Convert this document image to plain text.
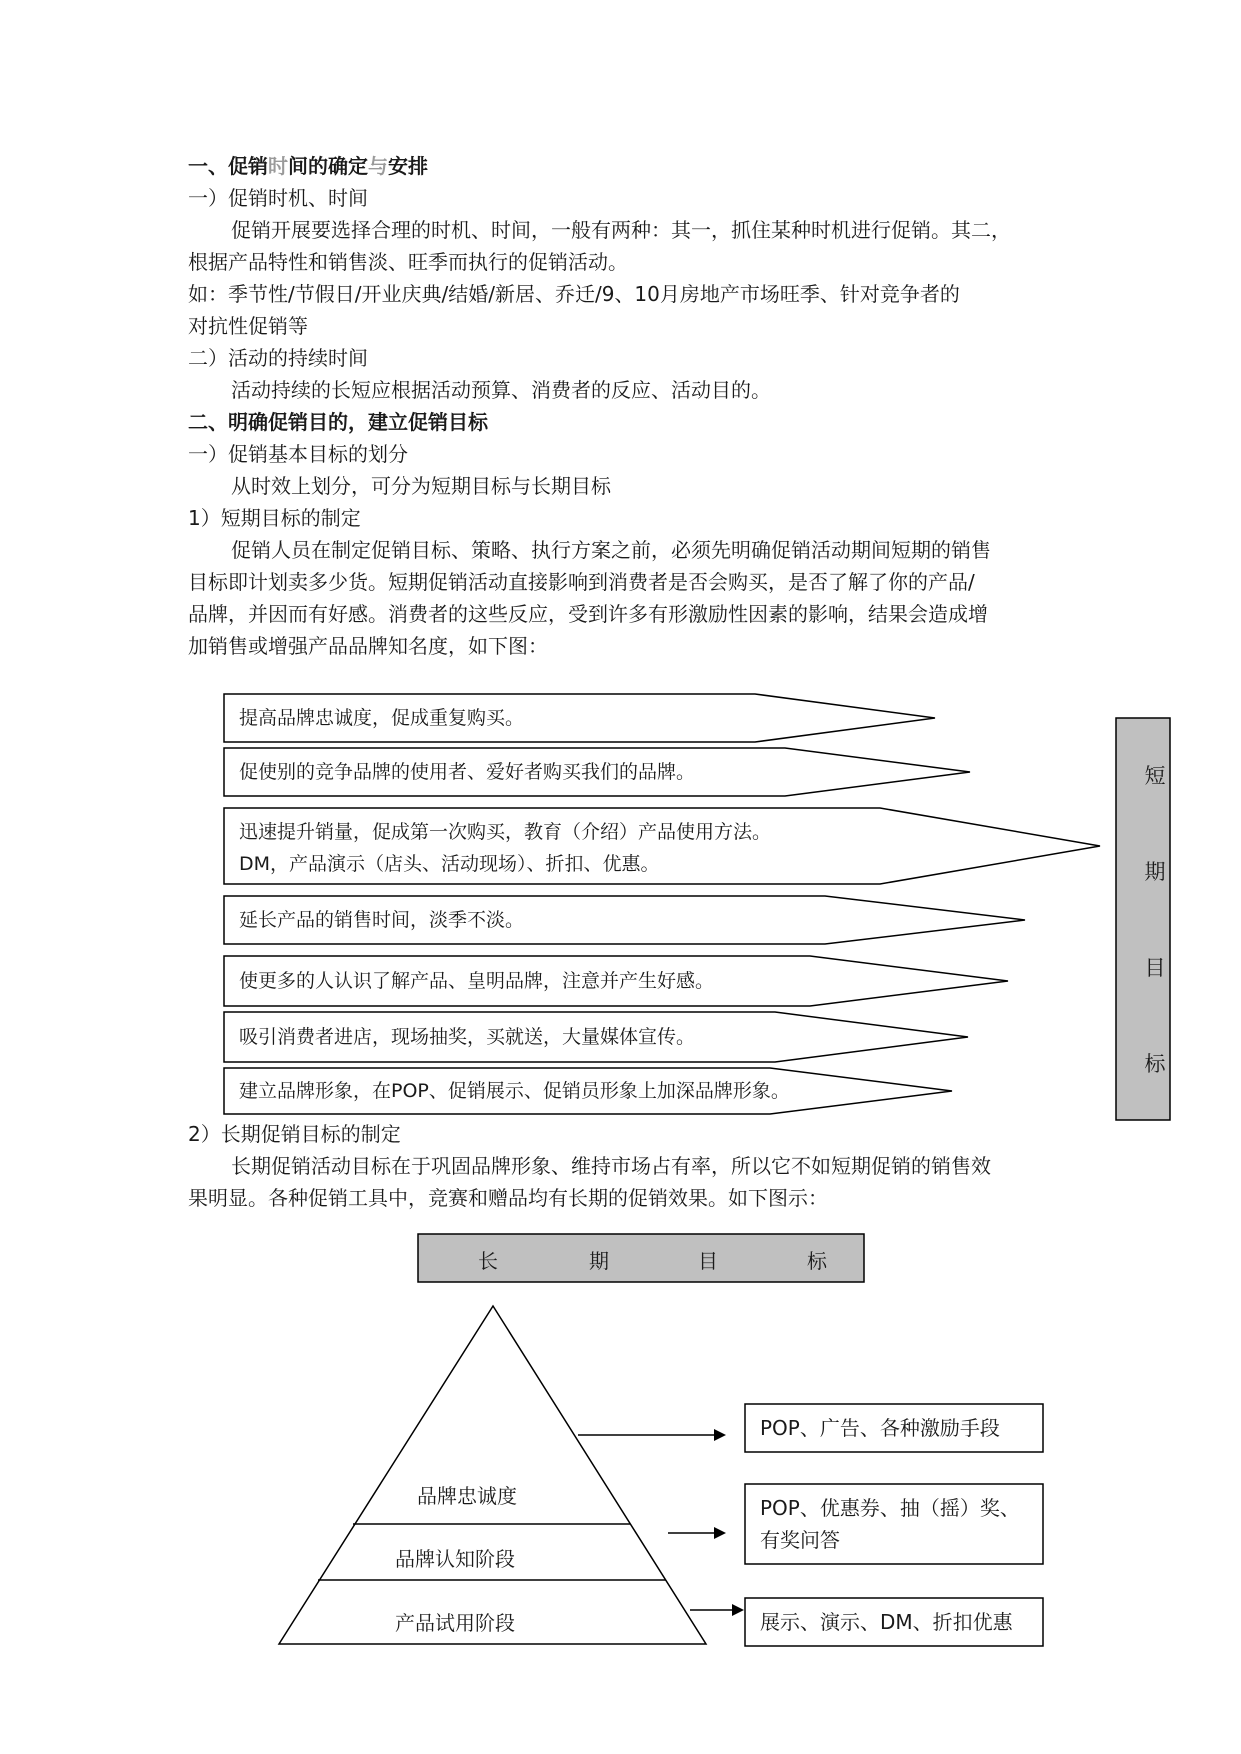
一、促销时间的确定与安排
一）促销时机、时间
促销开展要选择合理的时机、时间，一般有两种：其一，抓住某种时机进行促销。其二，
根据产品特性和销售淡、旺季而执行的促销活动。
如：季节性/节假日/开业庆典/结婚/新居、乔迁/9、10月房地产市场旺季、针对竞争者的
对抗性促销等
二）活动的持续时间
活动持续的长短应根据活动预算、消费者的反应、活动目的。
二、明确促销目的，建立促销目标
一）促销基本目标的划分
从时效上划分，可分为短期目标与长期目标
1）短期目标的制定
促销人员在制定促销目标、策略、执行方案之前，必须先明确促销活动期间短期的销售
目标即计划卖多少货。短期促销活动直接影响到消费者是否会购买，是否了解了你的产品/
品牌，并因而有好感。消费者的这些反应，受到许多有形激励性因素的影响，结果会造成增
加销售或增强产品品牌知名度，如下图：
提高品牌忠诚度，促成重复购买。
促使别的竞争品牌的使用者、爱好者购买我们的品牌。
迅速提升销量，促成第一次购买，教育（介绍）产品使用方法。
DM，产品演示（店头、活动现场）、折扣、优惠。
延长产品的销售时间，淡季不淡。
使更多的人认识了解产品、皇明品牌，注意并产生好感。
吸引消费者进店，现场抽奖，买就送，大量媒体宣传。
建立品牌形象，在POP、促销展示、促销员形象上加深品牌形象。
短
期
目
标
2）长期促销目标的制定
长期促销活动目标在于巩固品牌形象、维持市场占有率，所以它不如短期促销的销售效
果明显。各种促销工具中，竞赛和赠品均有长期的促销效果。如下图示：
长	期	目	标
品牌忠诚度
品牌认知阶段
产品试用阶段
POP、广告、各种激励手段
POP、优惠券、抽（摇）奖、
有奖问答
展示、演示、DM、折扣优惠
